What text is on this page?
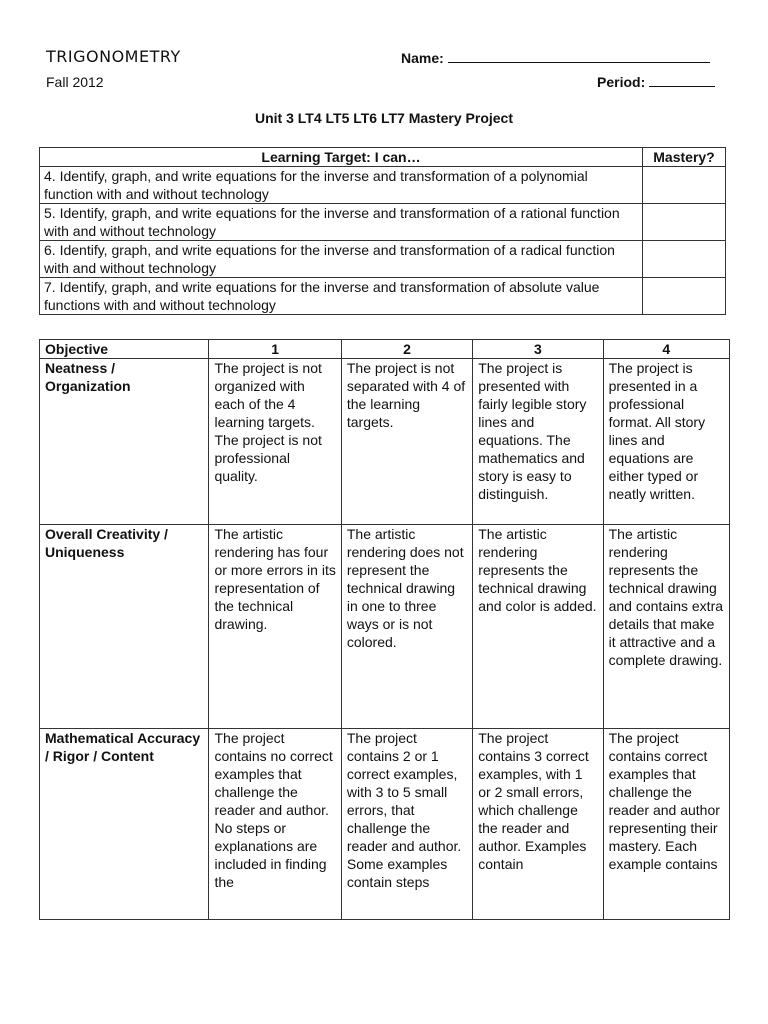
TRIGONOMETRY
Fall 2012
Name:
Period:
Unit 3 LT4 LT5 LT6 LT7 Mastery Project
Learning Target: I can…	Mastery?
4. Identify, graph, and write equations for the inverse and transformation of a polynomial function with and without technology	
5. Identify, graph, and write equations for the inverse and transformation of a rational function with and without technology	
6. Identify, graph, and write equations for the inverse and transformation of a radical function with and without technology	
7. Identify, graph, and write equations for the inverse and transformation of absolute value functions with and without technology	
Objective	1	2	3	4
Neatness / Organization	The project is not organized with each of the 4 learning targets. The project is not professional quality.	The project is not separated with 4 of the learning targets.	The project is presented with fairly legible story lines and equations. The mathematics and story is easy to distinguish.	The project is presented in a professional format. All story lines and equations are either typed or neatly written.
Overall Creativity / Uniqueness	The artistic rendering has four or more errors in its representation of the technical drawing.	The artistic rendering does not represent the technical drawing in one to three ways or is not colored.	The artistic rendering represents the technical drawing and color is added.	The artistic rendering represents the technical drawing and contains extra details that make it attractive and a complete drawing.
Mathematical Accuracy / Rigor / Content	The project contains no correct examples that challenge the reader and author. No steps or explanations are included in finding the	The project contains 2 or 1 correct examples, with 3 to 5 small errors, that challenge the reader and author. Some examples contain steps	The project contains 3 correct examples, with 1 or 2 small errors, which challenge the reader and author. Examples contain	The project contains correct examples that challenge the reader and author representing their mastery. Each example contains
